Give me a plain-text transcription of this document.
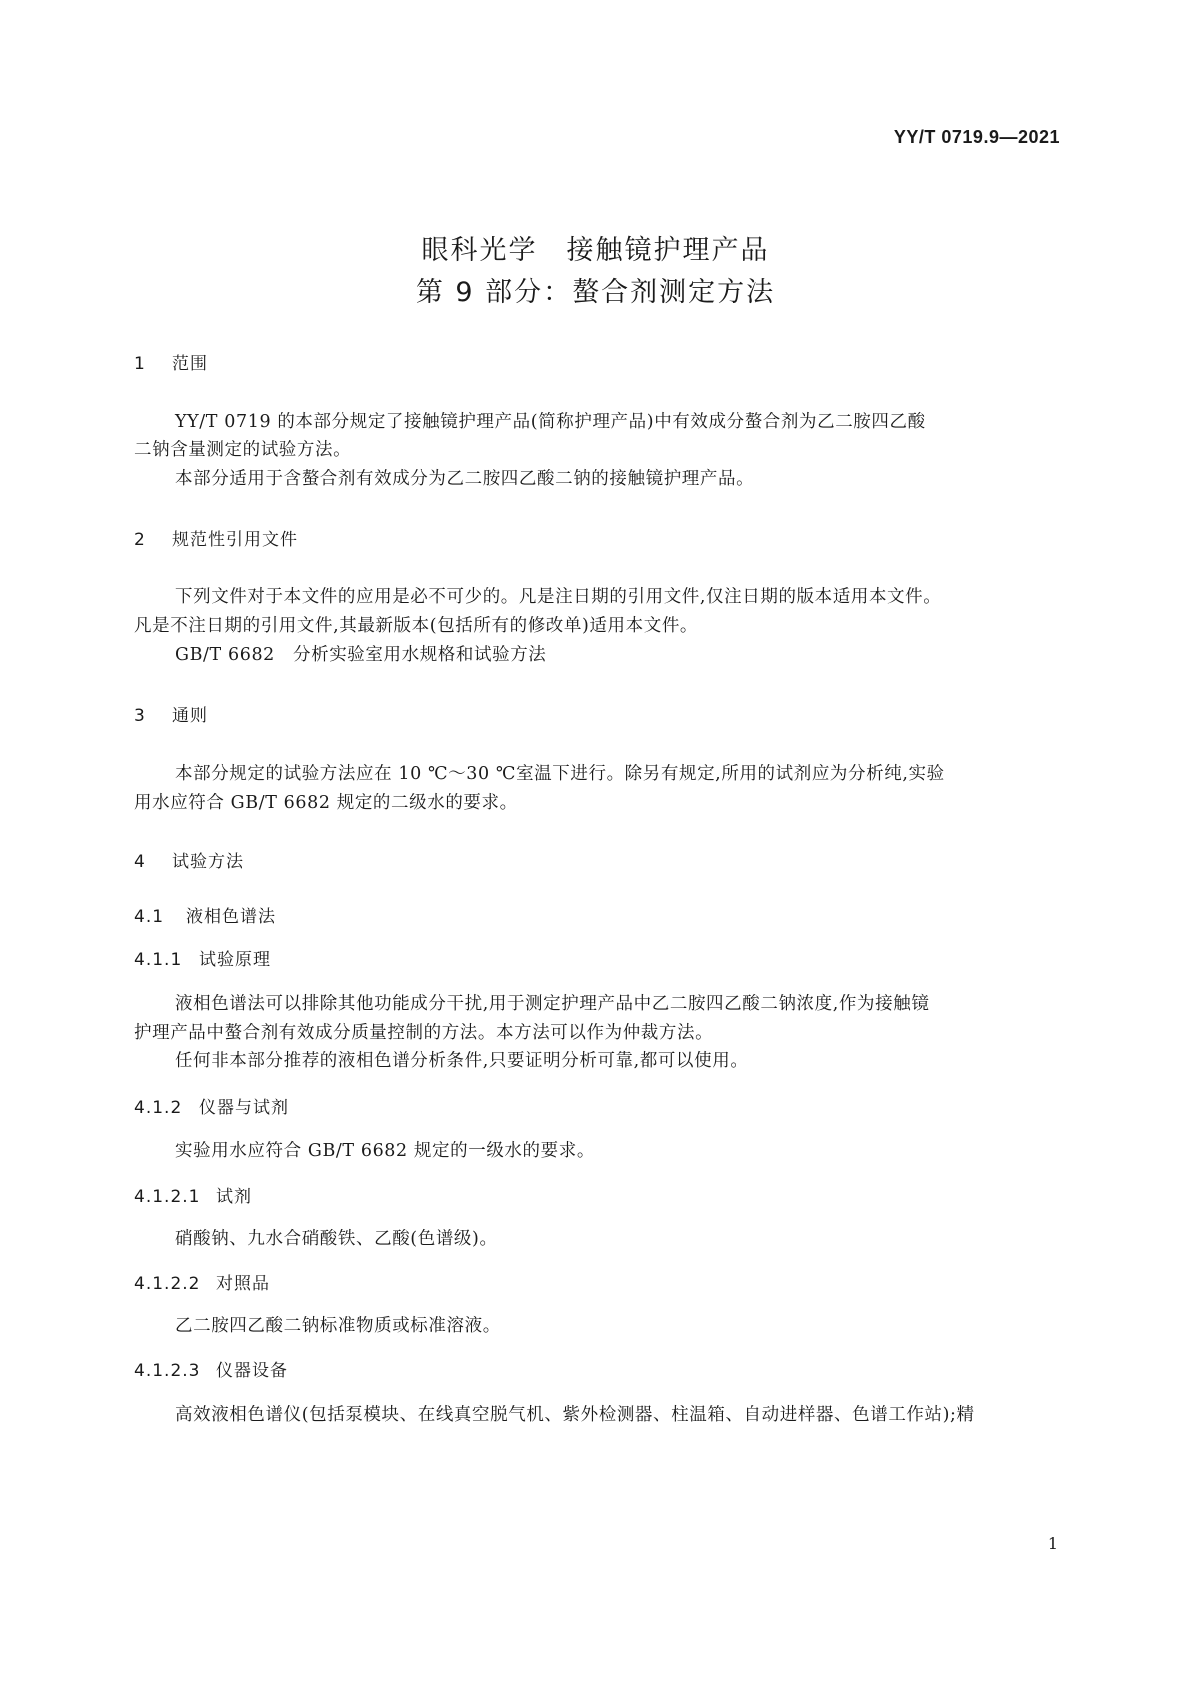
YY/T 0719.9—2021
眼科光学　接触镜护理产品
第 9 部分：螯合剂测定方法
1 范围
YY/T 0719 的本部分规定了接触镜护理产品(简称护理产品)中有效成分螯合剂为乙二胺四乙酸
二钠含量测定的试验方法。
本部分适用于含螯合剂有效成分为乙二胺四乙酸二钠的接触镜护理产品。
2 规范性引用文件
下列文件对于本文件的应用是必不可少的。凡是注日期的引用文件,仅注日期的版本适用本文件。
凡是不注日期的引用文件,其最新版本(包括所有的修改单)适用本文件。
GB/T 6682　分析实验室用水规格和试验方法
3 通则
本部分规定的试验方法应在 10 ℃～30 ℃室温下进行。除另有规定,所用的试剂应为分析纯,实验
用水应符合 GB/T 6682 规定的二级水的要求。
4 试验方法
4.1 液相色谱法
4.1.1 试验原理
液相色谱法可以排除其他功能成分干扰,用于测定护理产品中乙二胺四乙酸二钠浓度,作为接触镜
护理产品中螯合剂有效成分质量控制的方法。本方法可以作为仲裁方法。
任何非本部分推荐的液相色谱分析条件,只要证明分析可靠,都可以使用。
4.1.2 仪器与试剂
实验用水应符合 GB/T 6682 规定的一级水的要求。
4.1.2.1 试剂
硝酸钠、九水合硝酸铁、乙酸(色谱级)。
4.1.2.2 对照品
乙二胺四乙酸二钠标准物质或标准溶液。
4.1.2.3 仪器设备
高效液相色谱仪(包括泵模块、在线真空脱气机、紫外检测器、柱温箱、自动进样器、色谱工作站);精
1
